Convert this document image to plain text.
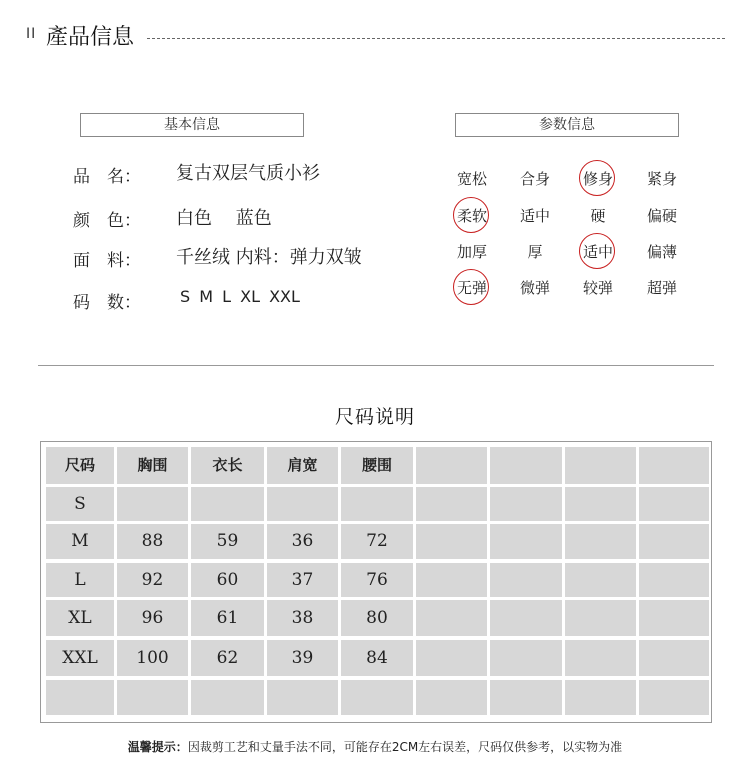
II 產品信息
基本信息	参数信息
品　名： 复古双层气质小衫
颜　色： 白色　 蓝色
面　料： 千丝绒 内料：弹力双皱
码　数： S M L XL XXL
宽松	合身	修身	紧身
柔软	适中	硬	偏硬
加厚	厚	适中	偏薄
无弹	微弹	较弹	超弹
尺码说明
尺码	胸围	衣长	肩宽	腰围
S
M	88	59	36	72
L	92	60	37	76
XL	96	61	38	80
XXL	100	62	39	84
温馨提示：因裁剪工艺和丈量手法不同，可能存在2CM左右误差，尺码仅供参考，以实物为准
